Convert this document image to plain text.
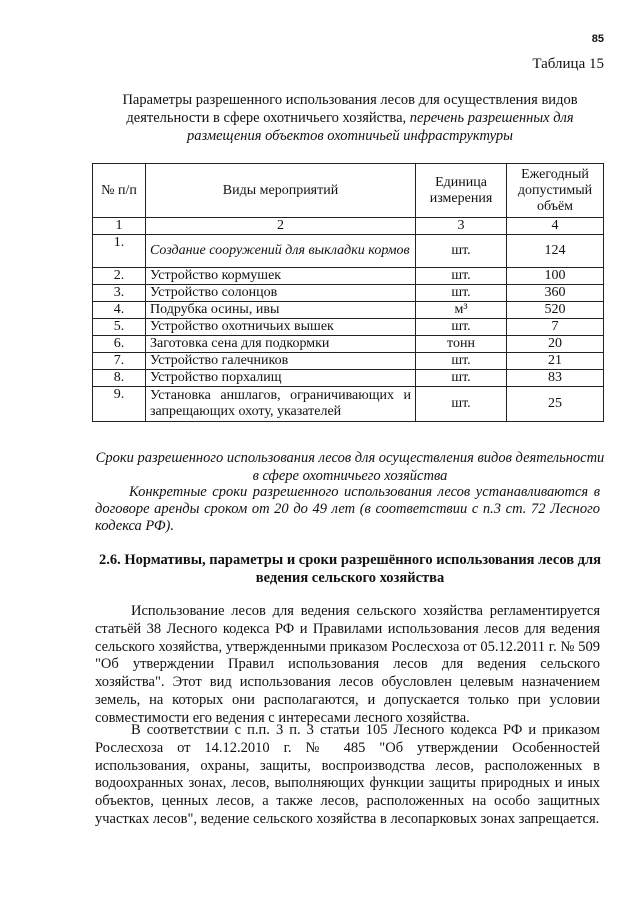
85
Таблица 15
Параметры разрешенного использования лесов для осуществления видов деятельности в сфере охотничьего хозяйства, перечень разрешенных для размещения объектов охотничьей инфраструктуры
№ п/п	Виды мероприятий	Единица измерения	Ежегодный допустимый объём
1	2	3	4
1.	Создание сооружений для выкладки кормов	шт.	124
2.	Устройство кормушек	шт.	100
3.	Устройство солонцов	шт.	360
4.	Подрубка осины, ивы	м³	520
5.	Устройство охотничьих вышек	шт.	7
6.	Заготовка сена для подкормки	тонн	20
7.	Устройство галечников	шт.	21
8.	Устройство порхалищ	шт.	83
9.	Установка аншлагов, ограничивающих и запрещающих охоту, указателей	шт.	25
Сроки разрешенного использования лесов для осуществления видов деятельности в сфере охотничьего хозяйства
Конкретные сроки разрешенного использования лесов устанавливаются в договоре аренды сроком от 20 до 49 лет (в соответствии с п.3 ст. 72 Лесного кодекса РФ).
2.6. Нормативы, параметры и сроки разрешённого использования лесов для ведения сельского хозяйства
Использование лесов для ведения сельского хозяйства регламентируется статьёй 38 Лесного кодекса РФ и Правилами использования лесов для ведения сельского хозяйства, утвержденными приказом Рослесхоза от 05.12.2011 г. № 509 "Об утверждении Правил использования лесов для ведения сельского хозяйства". Этот вид использования лесов обусловлен целевым назначением земель, на которых они располагаются, и допускается только при условии совместимости его ведения с интересами лесного хозяйства.
В соответствии с п.п. 3 п. 3 статьи 105 Лесного кодекса РФ и приказом Рослесхоза от 14.12.2010 г. № 485 "Об утверждении Особенностей использования, охраны, защиты, воспроизводства лесов, расположенных в водоохранных зонах, лесов, выполняющих функции защиты природных и иных объектов, ценных лесов, а также лесов, расположенных на особо защитных участках лесов", ведение сельского хозяйства в лесопарковых зонах запрещается.
